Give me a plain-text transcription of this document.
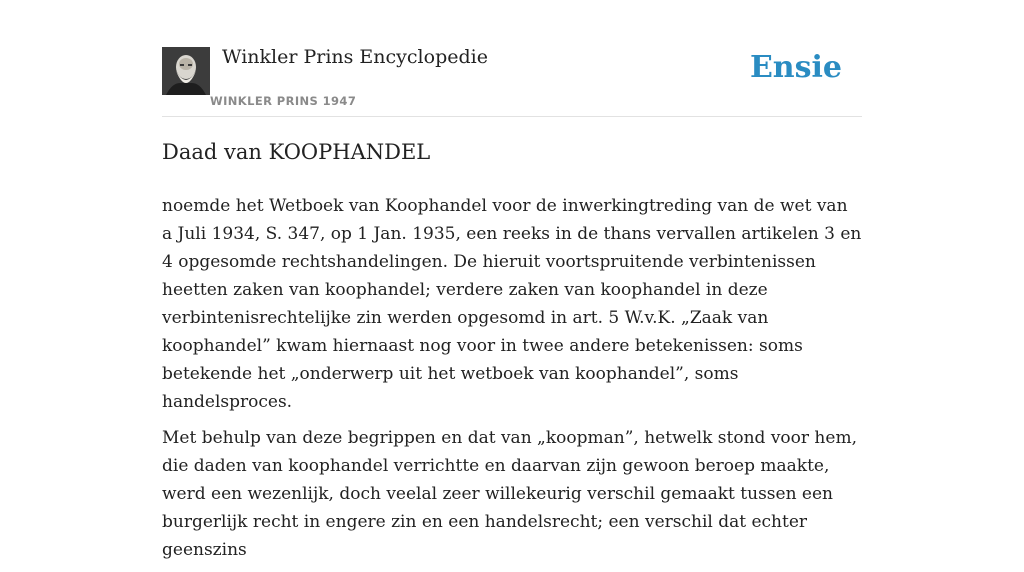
Winkler Prins Encyclopedie
WINKLER PRINS 1947
Ensie
Daad van KOOPHANDEL

noemde het Wetboek van Koophandel voor de inwerkingtreding van de wet van a Juli 1934, S. 347, op 1 Jan. 1935, een reeks in de thans vervallen artikelen 3 en 4 opgesomde rechtshandelingen. De hieruit voortspruitende verbintenissen heetten zaken van koophandel; verdere zaken van koophandel in deze verbintenisrechtelijke zin werden opgesomd in art. 5 W.v.K. „Zaak van koophandel” kwam hiernaast nog voor in twee andere betekenissen: soms betekende het „onderwerp uit het wetboek van koophandel”, soms handelsproces.

Met behulp van deze begrippen en dat van „koopman”, hetwelk stond voor hem, die daden van koophandel verrichtte en daarvan zijn gewoon beroep maakte, werd een wezenlijk, doch veelal zeer willekeurig verschil gemaakt tussen een burgerlijk recht in engere zin en een handelsrecht; een verschil dat echter geenszins
